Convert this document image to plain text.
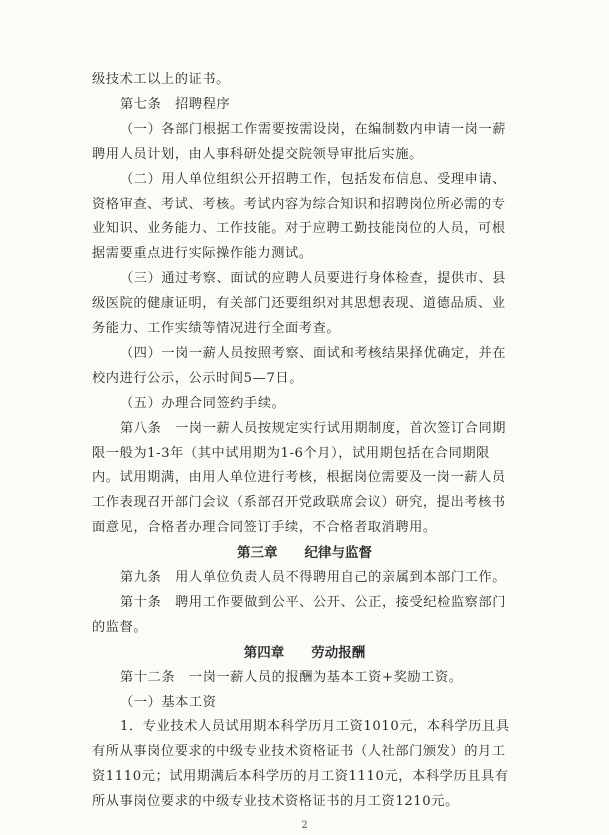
级技术工以上的证书。
第七条　招聘程序
（一）各部门根据工作需要按需设岗，在编制数内申请一岗一薪
聘用人员计划，由人事科研处提交院领导审批后实施。
（二）用人单位组织公开招聘工作，包括发布信息、受理申请、
资格审查、考试、考核。考试内容为综合知识和招聘岗位所必需的专
业知识、业务能力、工作技能。对于应聘工勤技能岗位的人员，可根
据需要重点进行实际操作能力测试。
（三）通过考察、面试的应聘人员要进行身体检查，提供市、县
级医院的健康证明，有关部门还要组织对其思想表现、道德品质、业
务能力、工作实绩等情况进行全面考查。
（四）一岗一薪人员按照考察、面试和考核结果择优确定，并在
校内进行公示，公示时间5—7日。
（五）办理合同签约手续。
第八条　一岗一薪人员按规定实行试用期制度，首次签订合同期
限一般为1-3年（其中试用期为1-6个月），试用期包括在合同期限
内。试用期满，由用人单位进行考核，根据岗位需要及一岗一薪人员
工作表现召开部门会议（系部召开党政联席会议）研究，提出考核书
面意见，合格者办理合同签订手续，不合格者取消聘用。
第三章　　纪律与监督
第九条　用人单位负责人员不得聘用自己的亲属到本部门工作。
第十条　聘用工作要做到公平、公开、公正，接受纪检监察部门
的监督。
第四章　　劳动报酬
第十二条　一岗一薪人员的报酬为基本工资+奖励工资。
（一）基本工资
1．专业技术人员试用期本科学历月工资1010元，本科学历且具
有所从事岗位要求的中级专业技术资格证书（人社部门颁发）的月工
资1110元；试用期满后本科学历的月工资1110元，本科学历且具有
所从事岗位要求的中级专业技术资格证书的月工资1210元。
2
